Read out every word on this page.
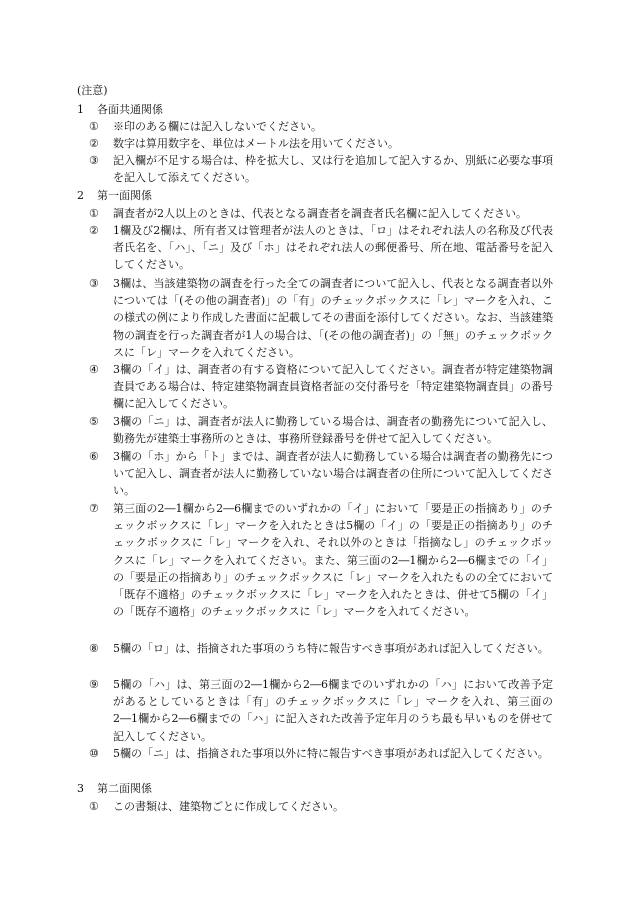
(注意)
1 各面共通関係
① ※印のある欄には記入しないでください。
② 数字は算用数字を、単位はメートル法を用いてください。
③ 記入欄が不足する場合は、枠を拡大し、又は行を追加して記入するか、別紙に必要な事項を記入して添えてください。
2 第一面関係
① 調査者が2人以上のときは、代表となる調査者を調査者氏名欄に記入してください。
② 1欄及び2欄は、所有者又は管理者が法人のときは、「ロ」はそれぞれ法人の名称及び代表者氏名を、「ハ」、「ニ」及び「ホ」はそれぞれ法人の郵便番号、所在地、電話番号を記入してください。
③ 3欄は、当該建築物の調査を行った全ての調査者について記入し、代表となる調査者以外については「(その他の調査者)」の「有」のチェックボックスに「レ」マークを入れ、この様式の例により作成した書面に記載してその書面を添付してください。なお、当該建築物の調査を行った調査者が1人の場合は、「(その他の調査者)」の「無」のチェックボックスに「レ」マークを入れてください。
④ 3欄の「イ」は、調査者の有する資格について記入してください。調査者が特定建築物調査員である場合は、特定建築物調査員資格者証の交付番号を「特定建築物調査員」の番号欄に記入してください。
⑤ 3欄の「ニ」は、調査者が法人に勤務している場合は、調査者の勤務先について記入し、勤務先が建築士事務所のときは、事務所登録番号を併せて記入してください。
⑥ 3欄の「ホ」から「ト」までは、調査者が法人に勤務している場合は調査者の勤務先について記入し、調査者が法人に勤務していない場合は調査者の住所について記入してください。
⑦ 第三面の2―1欄から2―6欄までのいずれかの「イ」において「要是正の指摘あり」のチェックボックスに「レ」マークを入れたときは5欄の「イ」の「要是正の指摘あり」のチェックボックスに「レ」マークを入れ、それ以外のときは「指摘なし」のチェックボックスに「レ」マークを入れてください。また、第三面の2―1欄から2―6欄までの「イ」の「要是正の指摘あり」のチェックボックスに「レ」マークを入れたものの全てにおいて「既存不適格」のチェックボックスに「レ」マークを入れたときは、併せて5欄の「イ」の「既存不適格」のチェックボックスに「レ」マークを入れてください。
⑧ 5欄の「ロ」は、指摘された事項のうち特に報告すべき事項があれば記入してください。
⑨ 5欄の「ハ」は、第三面の2―1欄から2―6欄までのいずれかの「ハ」において改善予定があるとしているときは「有」のチェックボックスに「レ」マークを入れ、第三面の2―1欄から2―6欄までの「ハ」に記入された改善予定年月のうち最も早いものを併せて記入してください。
⑩ 5欄の「ニ」は、指摘された事項以外に特に報告すべき事項があれば記入してください。
3 第二面関係
① この書類は、建築物ごとに作成してください。
